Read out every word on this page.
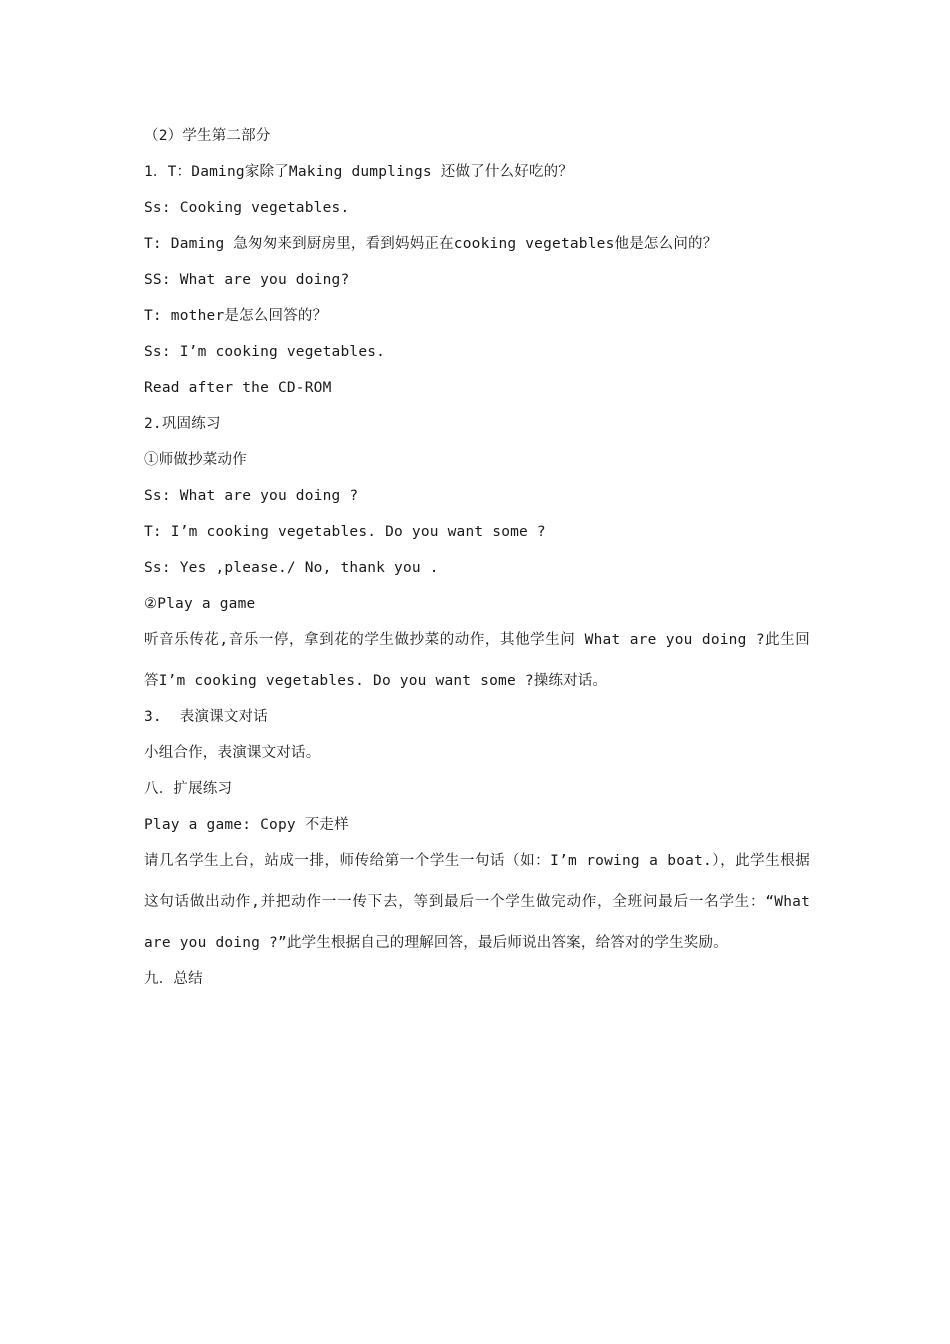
（2）学生第二部分

1．T：Daming家除了Making dumplings 还做了什么好吃的？

Ss: Cooking vegetables.

T: Daming 急匆匆来到厨房里，看到妈妈正在cooking vegetables他是怎么问的？

SS: What are you doing?

T: mother是怎么回答的？

Ss: I’m cooking vegetables.

Read after the CD-ROM

2.巩固练习

①师做抄菜动作

Ss: What are you doing ?

T: I’m cooking vegetables. Do you want some ?

Ss: Yes ,please./ No, thank you .

②Play a game

听音乐传花,音乐一停，拿到花的学生做抄菜的动作，其他学生问 What are you doing ?此生回答I’m cooking vegetables. Do you want some ?操练对话。

3.  表演课文对话

小组合作，表演课文对话。

八．扩展练习

Play a game: Copy 不走样

请几名学生上台，站成一排，师传给第一个学生一句话（如：I’m rowing a boat.），此学生根据这句话做出动作,并把动作一一传下去，等到最后一个学生做完动作，全班问最后一名学生：“What are you doing ?”此学生根据自己的理解回答，最后师说出答案，给答对的学生奖励。

九．总结
